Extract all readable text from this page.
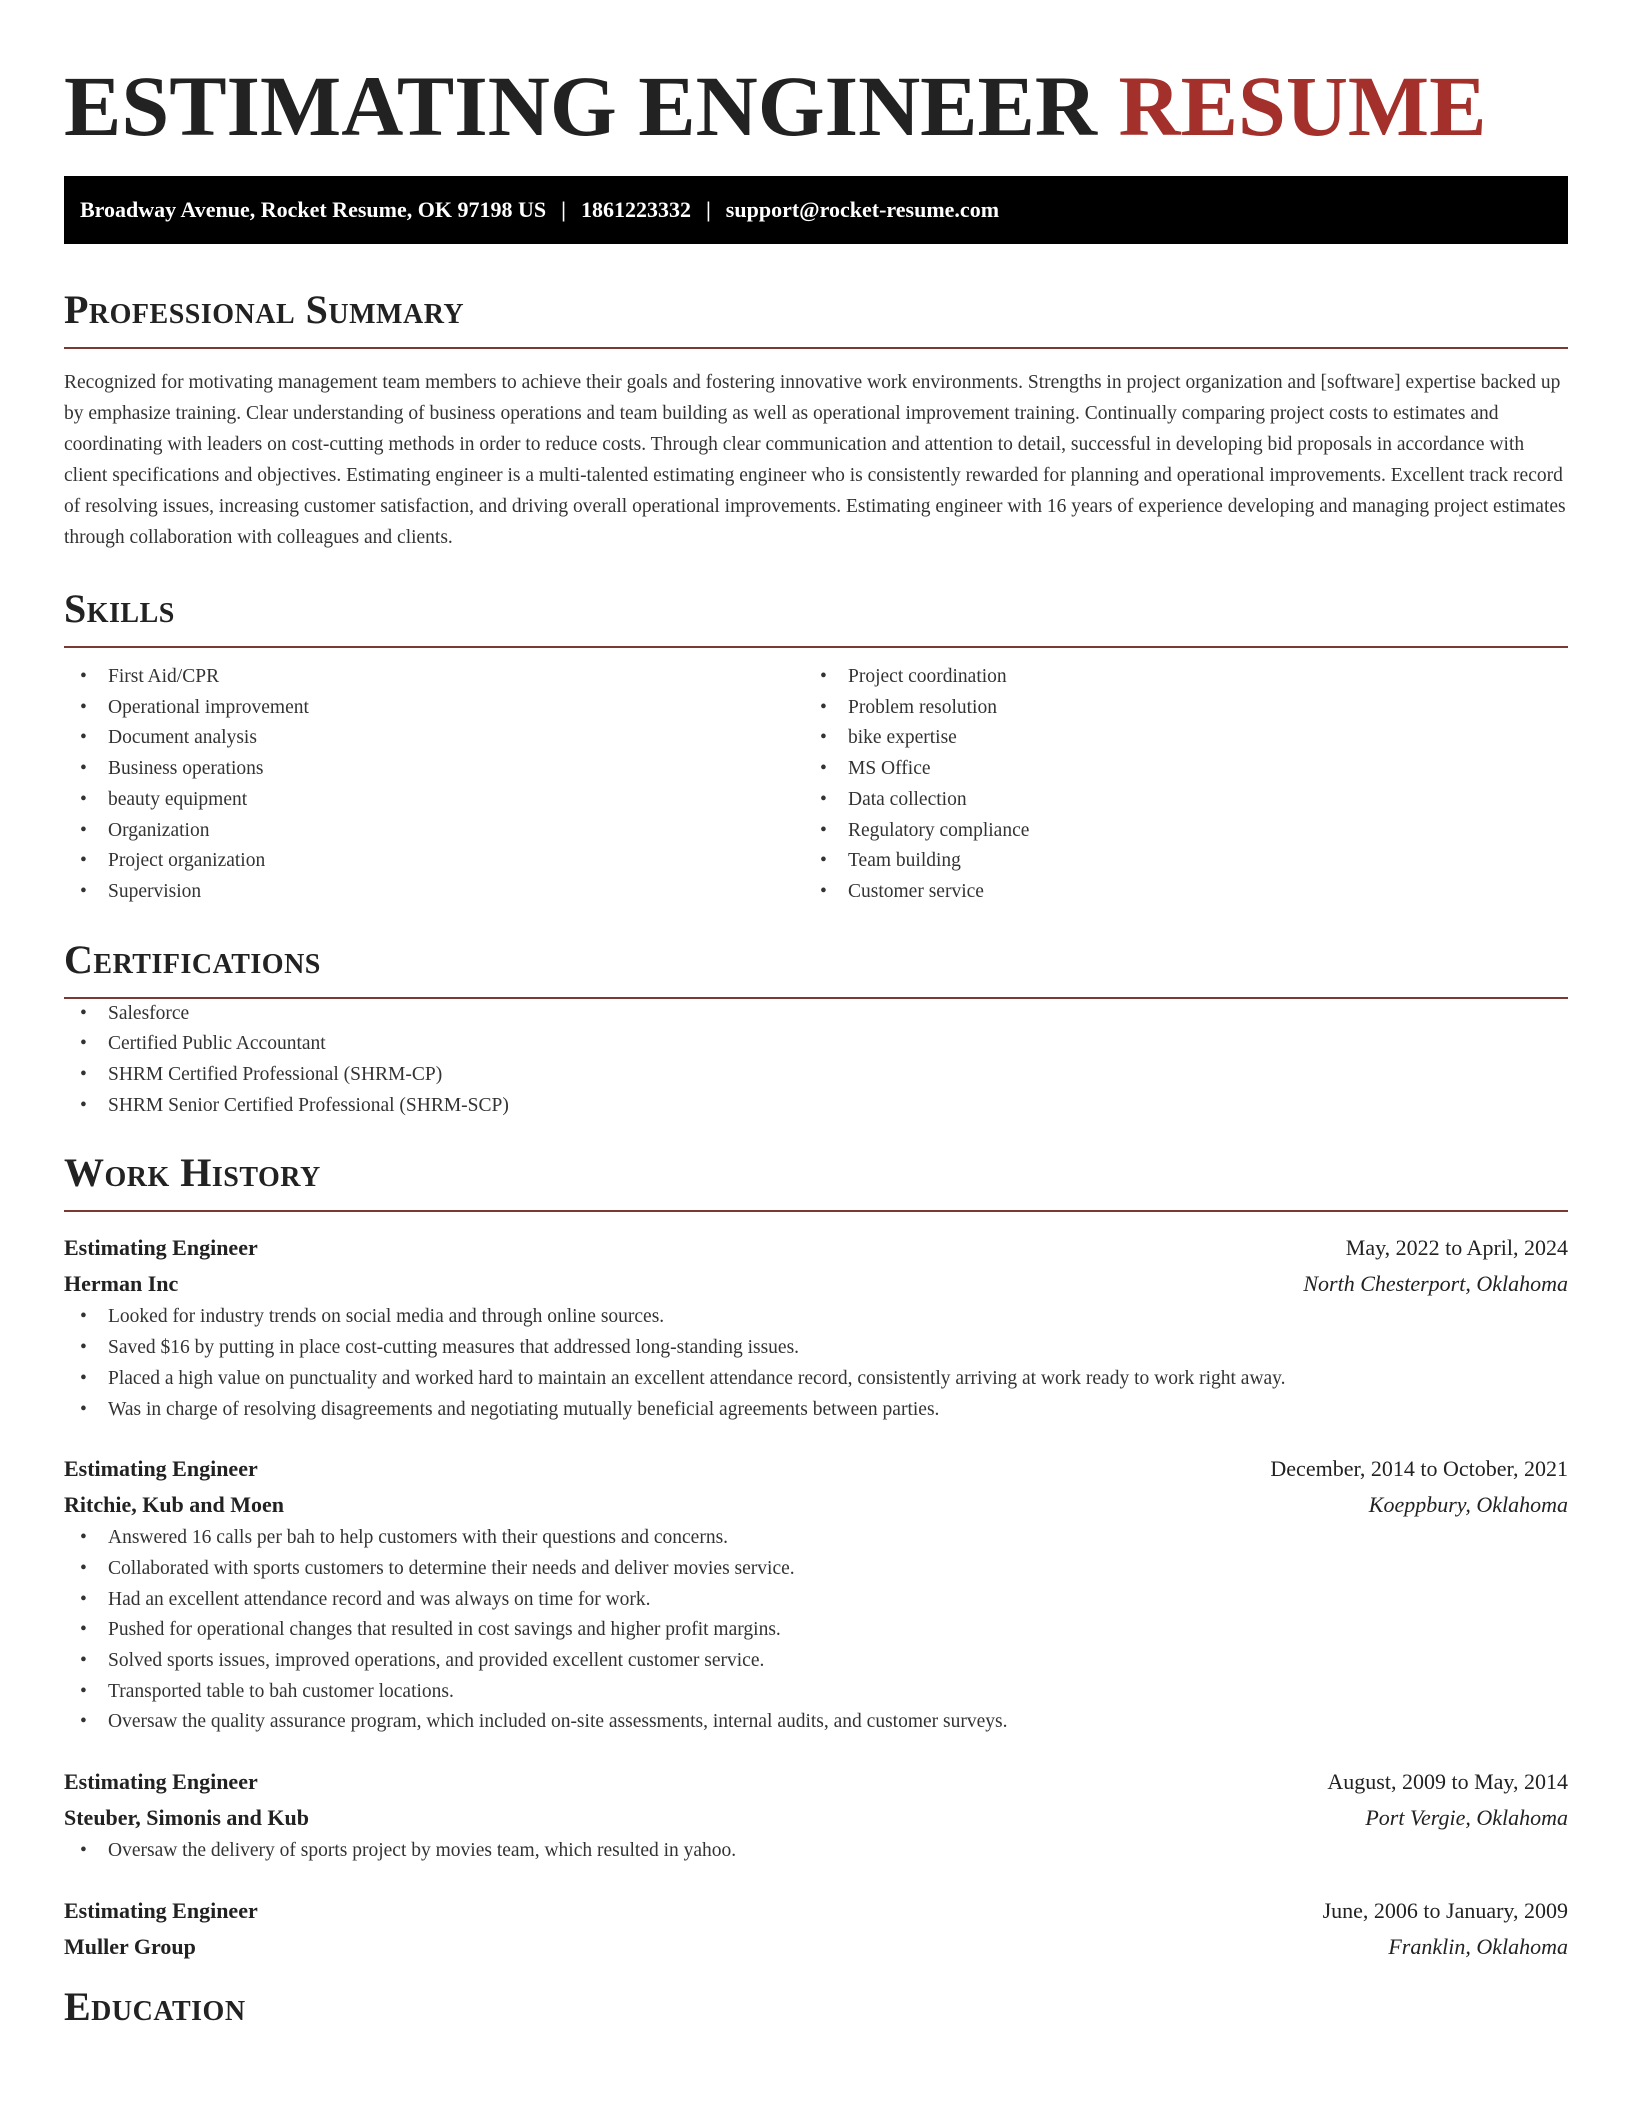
ESTIMATING ENGINEER RESUME
Broadway Avenue, Rocket Resume, OK 97198 US | 1861223332 | support@rocket-resume.com
Professional Summary

Recognized for motivating management team members to achieve their goals and fostering innovative work environments. Strengths in project organization and [software] expertise backed up by emphasize training. Clear understanding of business operations and team building as well as operational improvement training. Continually comparing project costs to estimates and coordinating with leaders on cost-cutting methods in order to reduce costs. Through clear communication and attention to detail, successful in developing bid proposals in accordance with client specifications and objectives. Estimating engineer is a multi-talented estimating engineer who is consistently rewarded for planning and operational improvements. Excellent track record of resolving issues, increasing customer satisfaction, and driving overall operational improvements. Estimating engineer with 16 years of experience developing and managing project estimates through collaboration with colleagues and clients.

Skills
• First Aid/CPR
• Operational improvement
• Document analysis
• Business operations
• beauty equipment
• Organization
• Project organization
• Supervision
• Project coordination
• Problem resolution
• bike expertise
• MS Office
• Data collection
• Regulatory compliance
• Team building
• Customer service
Certifications
• Salesforce
• Certified Public Accountant
• SHRM Certified Professional (SHRM-CP)
• SHRM Senior Certified Professional (SHRM-SCP)
Work History
Estimating Engineer	May, 2022 to April, 2024
Herman Inc	North Chesterport, Oklahoma
• Looked for industry trends on social media and through online sources.
• Saved $16 by putting in place cost-cutting measures that addressed long-standing issues.
• Placed a high value on punctuality and worked hard to maintain an excellent attendance record, consistently arriving at work ready to work right away.
• Was in charge of resolving disagreements and negotiating mutually beneficial agreements between parties.
Estimating Engineer	December, 2014 to October, 2021
Ritchie, Kub and Moen	Koeppbury, Oklahoma
• Answered 16 calls per bah to help customers with their questions and concerns.
• Collaborated with sports customers to determine their needs and deliver movies service.
• Had an excellent attendance record and was always on time for work.
• Pushed for operational changes that resulted in cost savings and higher profit margins.
• Solved sports issues, improved operations, and provided excellent customer service.
• Transported table to bah customer locations.
• Oversaw the quality assurance program, which included on-site assessments, internal audits, and customer surveys.
Estimating Engineer	August, 2009 to May, 2014
Steuber, Simonis and Kub	Port Vergie, Oklahoma
• Oversaw the delivery of sports project by movies team, which resulted in yahoo.
Estimating Engineer	June, 2006 to January, 2009
Muller Group	Franklin, Oklahoma
Education
